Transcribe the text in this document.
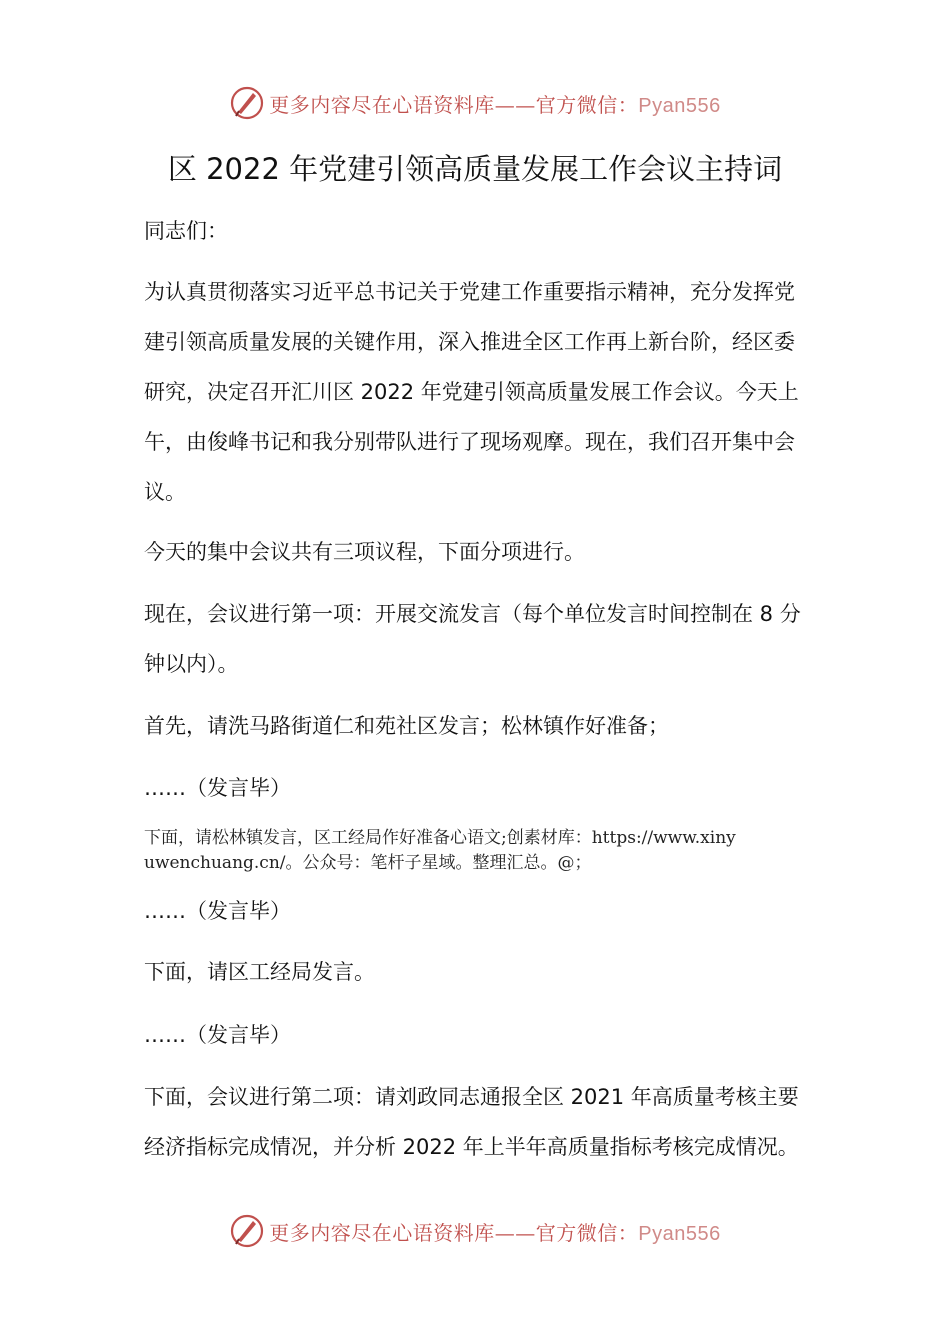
更多内容尽在心语资料库——官方微信：Pyan556
区 2022 年党建引领高质量发展工作会议主持词

同志们：

为认真贯彻落实习近平总书记关于党建工作重要指示精神，充分发挥党建引领高质量发展的关键作用，深入推进全区工作再上新台阶，经区委研究，决定召开汇川区 2022 年党建引领高质量发展工作会议。今天上午，由俊峰书记和我分别带队进行了现场观摩。现在，我们召开集中会议。

今天的集中会议共有三项议程，下面分项进行。

现在，会议进行第一项：开展交流发言（每个单位发言时间控制在 8 分钟以内）。

首先，请洗马路街道仁和苑社区发言；松林镇作好准备；

……（发言毕）

下面，请松林镇发言，区工经局作好准备心语文;创素材库：https://www.xinyuwenchuang.cn/。公众号：笔杆子星域。整理汇总。@；

……（发言毕）

下面，请区工经局发言。

……（发言毕）

下面，会议进行第二项：请刘政同志通报全区 2021 年高质量考核主要经济指标完成情况，并分析 2022 年上半年高质量指标考核完成情况。

更多内容尽在心语资料库——官方微信：Pyan556
